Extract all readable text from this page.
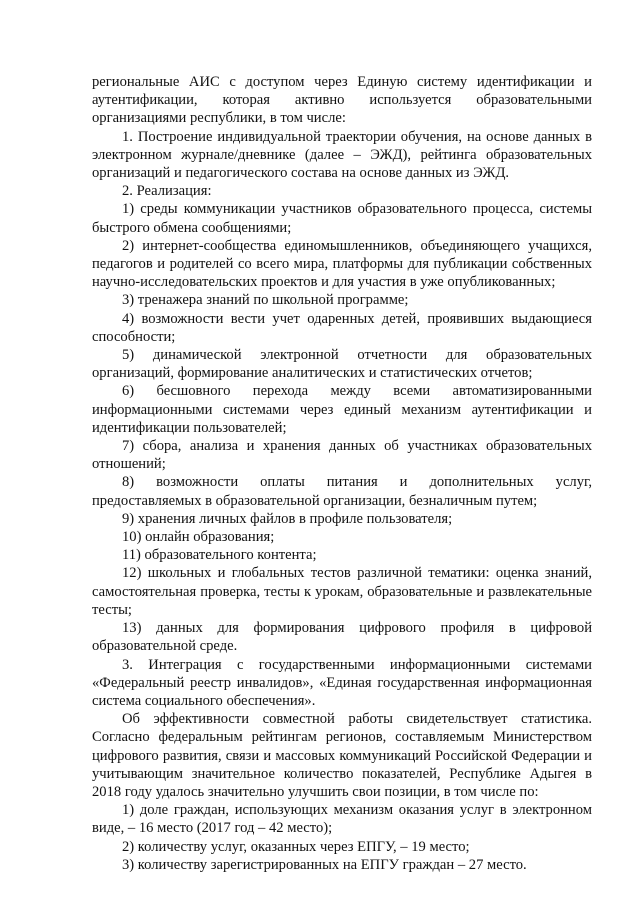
региональные АИС с доступом через Единую систему идентификации и аутентификации, которая активно используется образовательными организациями республики, в том числе:

1. Построение индивидуальной траектории обучения, на основе данных в электронном журнале/дневнике (далее – ЭЖД), рейтинга образовательных организаций и педагогического состава на основе данных из ЭЖД.

2. Реализация:

1) среды коммуникации участников образовательного процесса, системы быстрого обмена сообщениями;

2) интернет-сообщества единомышленников, объединяющего учащихся, педагогов и родителей со всего мира, платформы для публикации собственных научно-исследовательских проектов и для участия в уже опубликованных;

3) тренажера знаний по школьной программе;

4) возможности вести учет одаренных детей, проявивших выдающиеся способности;

5) динамической электронной отчетности для образовательных организаций, формирование аналитических и статистических отчетов;

6) бесшовного перехода между всеми автоматизированными информационными системами через единый механизм аутентификации и идентификации пользователей;

7) сбора, анализа и хранения данных об участниках образовательных отношений;

8) возможности оплаты питания и дополнительных услуг, предоставляемых в образовательной организации, безналичным путем;

9) хранения личных файлов в профиле пользователя;

10) онлайн образования;

11) образовательного контента;

12) школьных и глобальных тестов различной тематики: оценка знаний, самостоятельная проверка, тесты к урокам, образовательные и развлекательные тесты;

13) данных для формирования цифрового профиля в цифровой образовательной среде.

3. Интеграция с государственными информационными системами «Федеральный реестр инвалидов», «Единая государственная информационная система социального обеспечения».

Об эффективности совместной работы свидетельствует статистика. Согласно федеральным рейтингам регионов, составляемым Министерством цифрового развития, связи и массовых коммуникаций Российской Федерации и учитывающим значительное количество показателей, Республике Адыгея в 2018 году удалось значительно улучшить свои позиции, в том числе по:

1) доле граждан, использующих механизм оказания услуг в электронном виде, – 16 место (2017 год – 42 место);

2) количеству услуг, оказанных через ЕПГУ, – 19 место;

3) количеству зарегистрированных на ЕПГУ граждан – 27 место.
